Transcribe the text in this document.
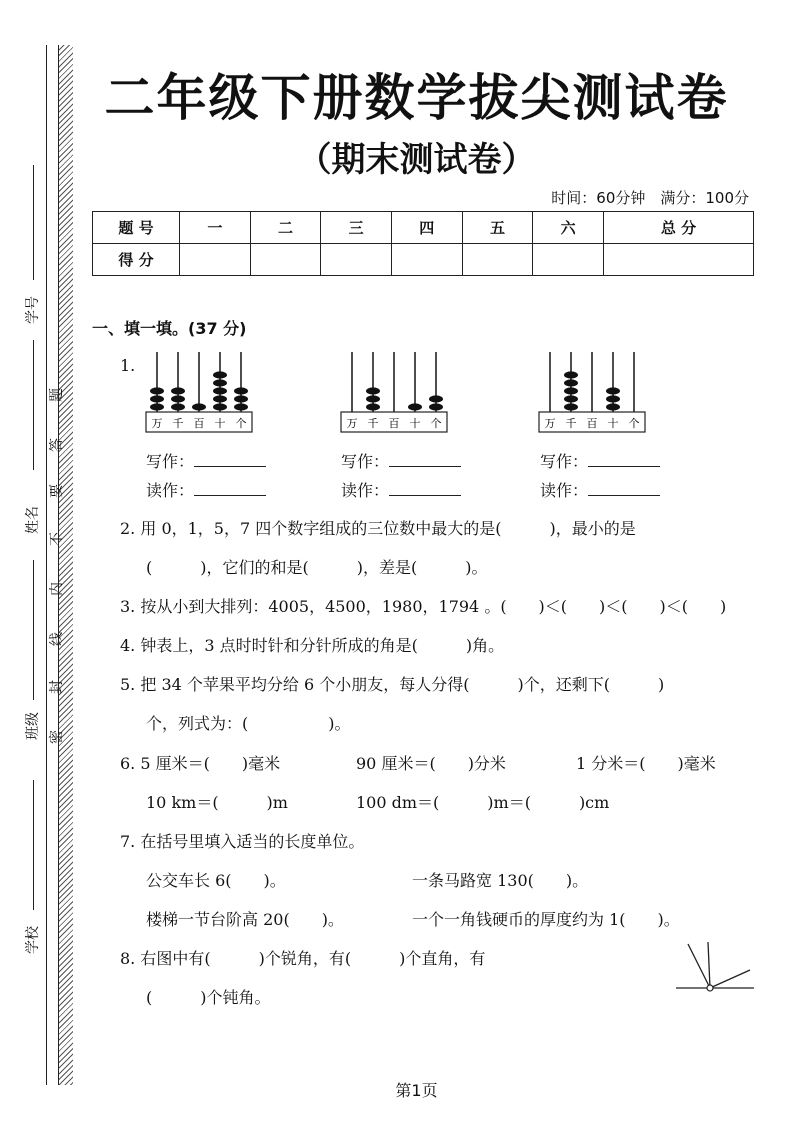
学号
姓名
班级
学校
题
答
要
不
内
线
封
密
二年级下册数学拔尖测试卷
（期末测试卷）
时间：60分钟　满分：100分
题 号	一	二	三	四	五	六	总 分
得 分							
一、填一填。(37 分)
1.
万 千 百 十 个	万 千 百 十 个	万 千 百 十 个
写作：
读作：
写作：
读作：
写作：
读作：
2. 用 0，1，5，7 四个数字组成的三位数中最大的是(　　　)，最小的是
(　　　)，它们的和是(　　　)，差是(　　　)。
3. 按从小到大排列：4005，4500，1980，1794 。(　　)＜(　　)＜(　　)＜(　　)
4. 钟表上，3 点时时针和分针所成的角是(　　　)角。
5. 把 34 个苹果平均分给 6 个小朋友，每人分得(　　　)个，还剩下(　　　)
个，列式为：(　　　　　)。
6. 5 厘米＝(　　)毫米	90 厘米＝(　　)分米	1 分米＝(　　)毫米
10 km＝(　　　)m	100 dm＝(　　　)m＝(　　　)cm
7. 在括号里填入适当的长度单位。
公交车长 6(　　)。	一条马路宽 130(　　)。
楼梯一节台阶高 20(　　)。	一个一角钱硬币的厚度约为 1(　　)。
8. 右图中有(　　　)个锐角，有(　　　)个直角，有
(　　　)个钝角。
第1页
